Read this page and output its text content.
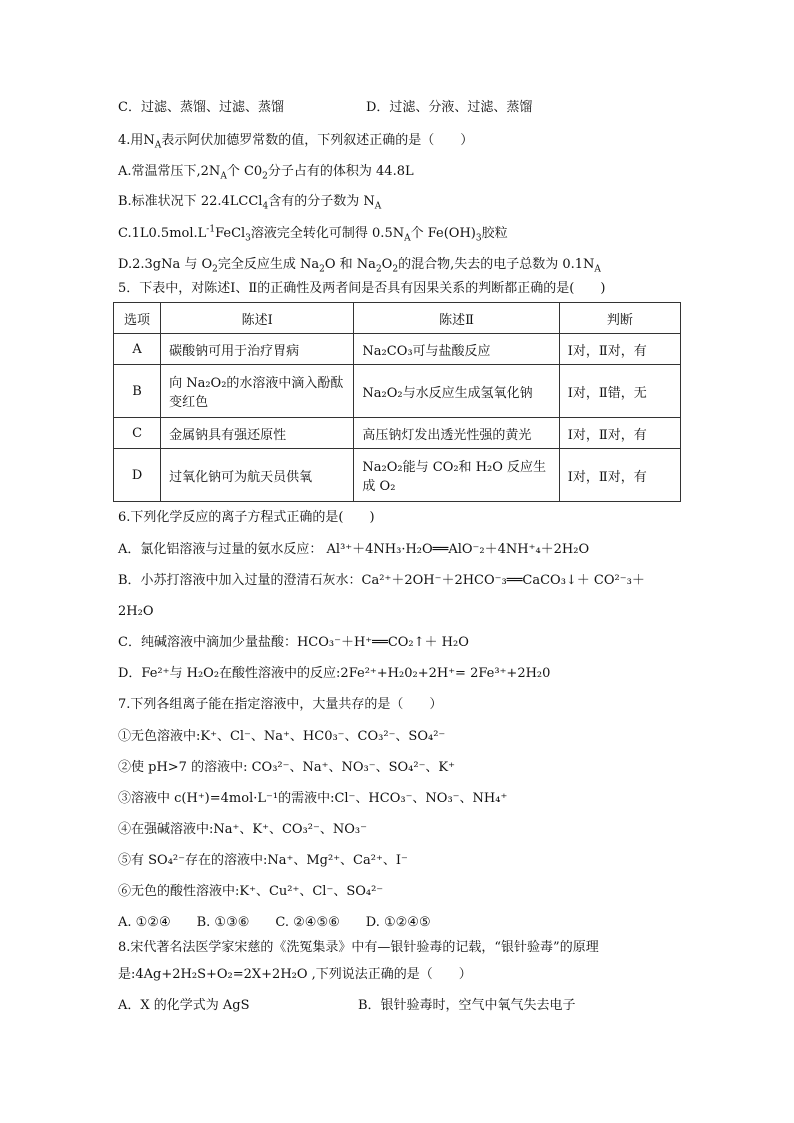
C．过滤、蒸馏、过滤、蒸馏	D．过滤、分液、过滤、蒸馏
4.用$N_A$表示阿伏加德罗常数的值，下列叙述正确的是（　　）
A.常温常压下$,2N_A$个 $C0_2$分子占有的体积为 44.8L
B.标准状况下 22.4LCCl$_4$含有的分子数为 $N_A$
$C.1L0.5mol.L^{-1}FeCl_3$溶液完全转化可制得 $0.5N_A$个 $Fe(OH)_3$胶粒
D.2.3gNa 与 $O_2$完全反应生成 $Na_2O$ 和 $Na_2O_2$的混合物,失去的电子总数为 $0.1N_A$
5．下表中，对陈述Ⅰ、Ⅱ的正确性及两者间是否具有因果关系的判断都正确的是(　　)
选项	陈述Ⅰ	陈述Ⅱ	判断
A	碳酸钠可用于治疗胃病	Na₂CO₃可与盐酸反应	Ⅰ对，Ⅱ对，有
B	向 Na₂O₂的水溶液中滴入酚酞变红色	Na₂O₂与水反应生成氢氧化钠	Ⅰ对，Ⅱ错，无
C	金属钠具有强还原性	高压钠灯发出透光性强的黄光	Ⅰ对，Ⅱ对，有
D	过氧化钠可为航天员供氧	Na₂O₂能与 CO₂和 H₂O 反应生成 O₂	Ⅰ对，Ⅱ对，有
6.下列化学反应的离子方程式正确的是(　　)
A．氯化铝溶液与过量的氨水反应： Al³⁺＋4NH₃·H₂O══AlO⁻₂＋4NH⁺₄＋2H₂O
B．小苏打溶液中加入过量的澄清石灰水：Ca²⁺＋2OH⁻＋2HCO⁻₃══CaCO₃↓＋ CO²⁻₃＋
2H₂O
C．纯碱溶液中滴加少量盐酸：HCO₃⁻＋H⁺══CO₂↑＋ H₂O
D．Fe²⁺与 H₂O₂在酸性溶液中的反应:2Fe²⁺+H₂0₂+2H⁺= 2Fe³⁺+2H₂0
7.下列各组离子能在指定溶液中，大量共存的是（　　）
①无色溶液中:K⁺、Cl⁻、Na⁺、HC0₃⁻、CO₃²⁻、SO₄²⁻
②使 pH>7 的溶液中: CO₃²⁻、Na⁺、NO₃⁻、SO₄²⁻、K⁺
③溶液中 c(H⁺)=4mol·L⁻¹的需液中:Cl⁻、HCO₃⁻、NO₃⁻、NH₄⁺
④在强碱溶液中:Na⁺、K⁺、CO₃²⁻、NO₃⁻
⑤有 SO₄²⁻存在的溶液中:Na⁺、Mg²⁺、Ca²⁺、I⁻
⑥无色的酸性溶液中:K⁺、Cu²⁺、Cl⁻、SO₄²⁻
A. ①②④　　B. ①③⑥　　C. ②④⑤⑥　　D. ①②④⑤
8.宋代著名法医学家宋慈的《洗冤集录》中有—银针验毒的记载，“银针验毒”的原理
是:4Ag+2H₂S+O₂=2X+2H₂O ,下列说法正确的是（　　）
A．X 的化学式为 AgS	B．银针验毒时，空气中氧气失去电子
